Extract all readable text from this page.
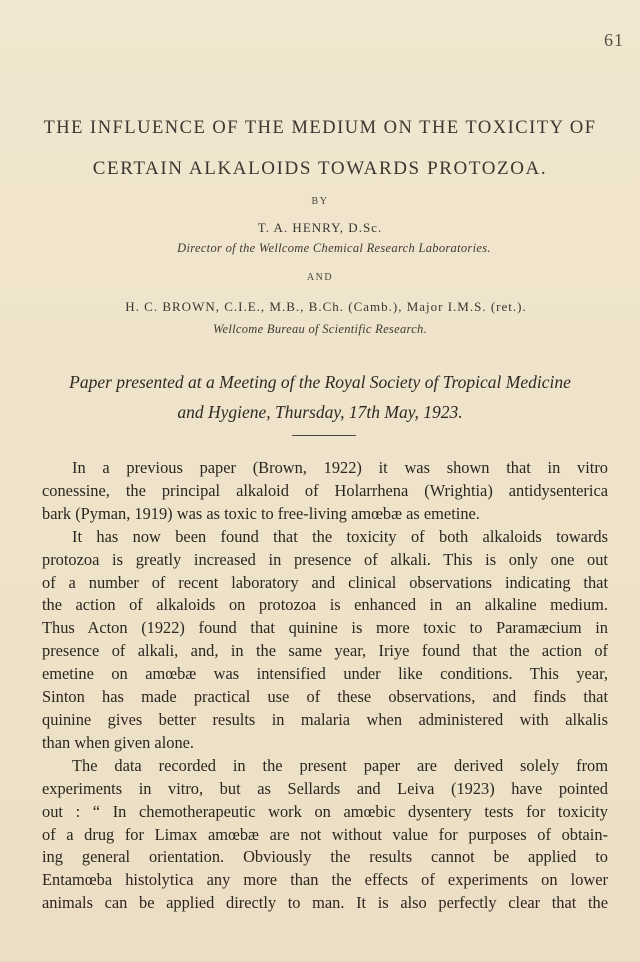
61
THE INFLUENCE OF THE MEDIUM ON THE TOXICITY OF
CERTAIN ALKALOIDS TOWARDS PROTOZOA.
BY
T. A. HENRY, D.Sc.
Director of the Wellcome Chemical Research Laboratories.
AND
H. C. BROWN, C.I.E., M.B., B.Ch. (Camb.), Major I.M.S. (ret.).
Wellcome Bureau of Scientific Research.
Paper presented at a Meeting of the Royal Society of Tropical Medicine
and Hygiene, Thursday, 17th May, 1923.
In a previous paper (Brown, 1922) it was shown that in vitro
conessine, the principal alkaloid of Holarrhena (Wrightia) antidysenterica
bark (Pyman, 1919) was as toxic to free-living amœbæ as emetine.
It has now been found that the toxicity of both alkaloids towards
protozoa is greatly increased in presence of alkali. This is only one out
of a number of recent laboratory and clinical observations indicating that
the action of alkaloids on protozoa is enhanced in an alkaline medium.
Thus Acton (1922) found that quinine is more toxic to Paramæcium in
presence of alkali, and, in the same year, Iriye found that the action of
emetine on amœbæ was intensified under like conditions. This year,
Sinton has made practical use of these observations, and finds that
quinine gives better results in malaria when administered with alkalis
than when given alone.
The data recorded in the present paper are derived solely from
experiments in vitro, but as Sellards and Leiva (1923) have pointed
out : “ In chemotherapeutic work on amœbic dysentery tests for toxicity
of a drug for Limax amœbæ are not without value for purposes of obtain-
ing general orientation. Obviously the results cannot be applied to
Entamœba histolytica any more than the effects of experiments on lower
animals can be applied directly to man. It is also perfectly clear that the
